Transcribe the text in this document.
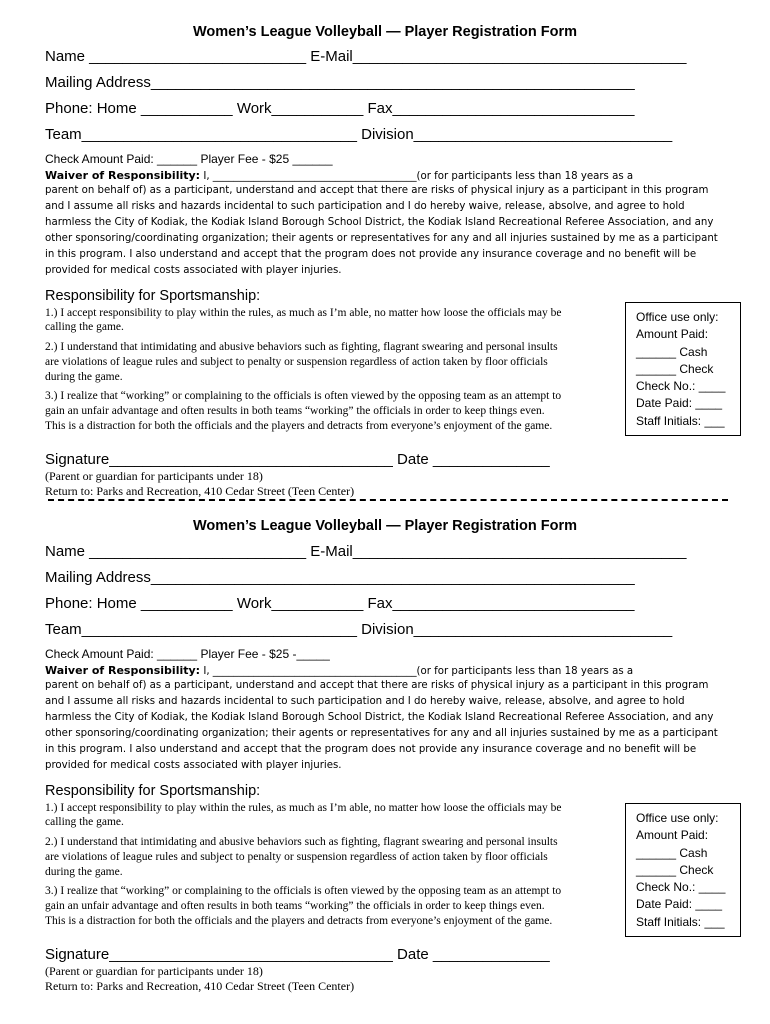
Women’s League Volleyball — Player Registration Form
Name __________________________ E-Mail________________________________________
Mailing Address__________________________________________________________
Phone: Home ___________ Work___________ Fax_____________________________
Team_________________________________ Division_______________________________
Check Amount Paid: ______ Player Fee - $25 ______
Waiver of Responsibility: I, ________________________________________(or for participants less than 18 years as a
parent on behalf of) as a participant, understand and accept that there are risks of physical injury as a participant in this program
and I assume all risks and hazards incidental to such participation and I do hereby waive, release, absolve, and agree to hold
harmless the City of Kodiak, the Kodiak Island Borough School District, the Kodiak Island Recreational Referee Association, and any
other sponsoring/coordinating organization; their agents or representatives for any and all injuries sustained by me as a participant
in this program. I also understand and accept that the program does not provide any insurance coverage and no benefit will be
provided for medical costs associated with player injuries.
Responsibility for Sportsmanship:
1.) I accept responsibility to play within the rules, as much as I’m able, no matter how loose the officials may be
calling the game.
2.) I understand that intimidating and abusive behaviors such as fighting, flagrant swearing and personal insults
are violations of league rules and subject to penalty or suspension regardless of action taken by floor officials
during the game.
3.) I realize that “working” or complaining to the officials is often viewed by the opposing team as an attempt to
gain an unfair advantage and often results in both teams “working” the officials in order to keep things even.
This is a distraction for both the officials and the players and detracts from everyone’s enjoyment of the game.
Office use only:
Amount Paid:
______ Cash
______ Check
Check No.: ____
Date Paid: ____
Staff Initials: ___
Signature__________________________________ Date ______________
(Parent or guardian for participants under 18)
Return to: Parks and Recreation, 410 Cedar Street (Teen Center)
Women’s League Volleyball — Player Registration Form
Name __________________________ E-Mail________________________________________
Mailing Address__________________________________________________________
Phone: Home ___________ Work___________ Fax_____________________________
Team_________________________________ Division_______________________________
Check Amount Paid: ______ Player Fee - $25 -_____
Waiver of Responsibility: I, ________________________________________(or for participants less than 18 years as a
parent on behalf of) as a participant, understand and accept that there are risks of physical injury as a participant in this program
and I assume all risks and hazards incidental to such participation and I do hereby waive, release, absolve, and agree to hold
harmless the City of Kodiak, the Kodiak Island Borough School District, the Kodiak Island Recreational Referee Association, and any
other sponsoring/coordinating organization; their agents or representatives for any and all injuries sustained by me as a participant
in this program. I also understand and accept that the program does not provide any insurance coverage and no benefit will be
provided for medical costs associated with player injuries.
Responsibility for Sportsmanship:
1.) I accept responsibility to play within the rules, as much as I’m able, no matter how loose the officials may be
calling the game.
2.) I understand that intimidating and abusive behaviors such as fighting, flagrant swearing and personal insults
are violations of league rules and subject to penalty or suspension regardless of action taken by floor officials
during the game.
3.) I realize that “working” or complaining to the officials is often viewed by the opposing team as an attempt to
gain an unfair advantage and often results in both teams “working” the officials in order to keep things even.
This is a distraction for both the officials and the players and detracts from everyone’s enjoyment of the game.
Office use only:
Amount Paid:
______ Cash
______ Check
Check No.: ____
Date Paid: ____
Staff Initials: ___
Signature__________________________________ Date ______________
(Parent or guardian for participants under 18)
Return to: Parks and Recreation, 410 Cedar Street (Teen Center)
